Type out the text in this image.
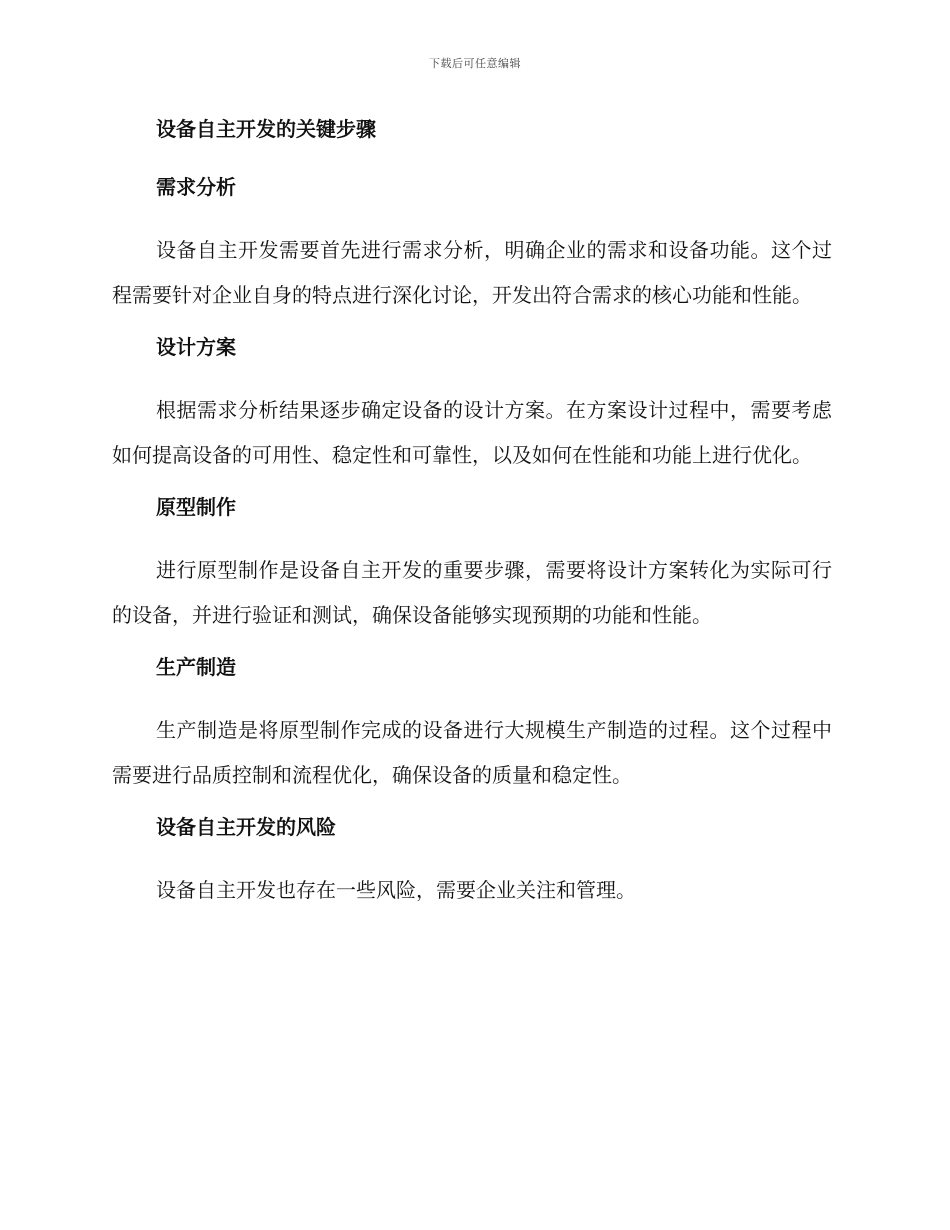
下载后可任意编辑
设备自主开发的关键步骤
需求分析

设备自主开发需要首先进行需求分析，明确企业的需求和设备功能。这个过程需要针对企业自身的特点进行深化讨论，开发出符合需求的核心功能和性能。

设计方案

根据需求分析结果逐步确定设备的设计方案。在方案设计过程中，需要考虑如何提高设备的可用性、稳定性和可靠性，以及如何在性能和功能上进行优化。

原型制作

进行原型制作是设备自主开发的重要步骤，需要将设计方案转化为实际可行的设备，并进行验证和测试，确保设备能够实现预期的功能和性能。

生产制造

生产制造是将原型制作完成的设备进行大规模生产制造的过程。这个过程中需要进行品质控制和流程优化，确保设备的质量和稳定性。

设备自主开发的风险

设备自主开发也存在一些风险，需要企业关注和管理。
